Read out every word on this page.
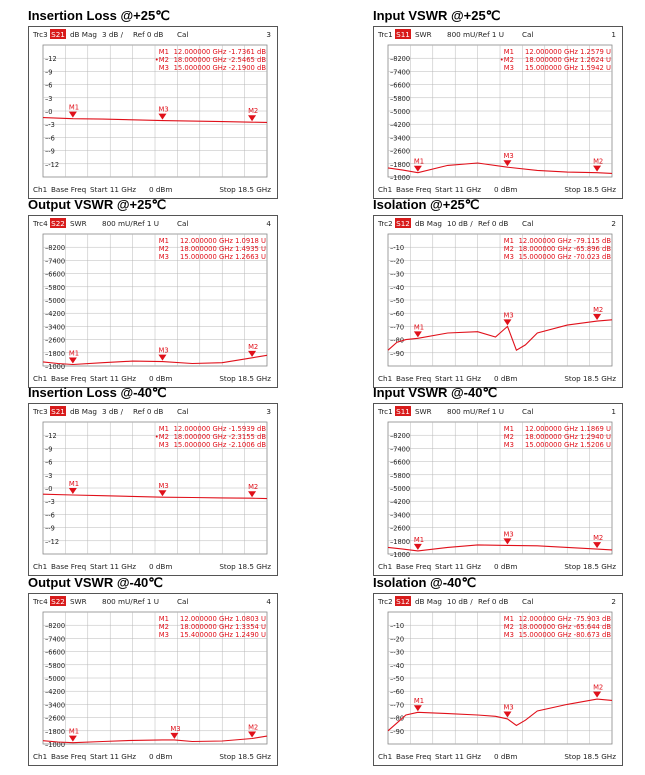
Insertion Loss @+25℃
Trc3 S21 dB Mag 3 dB / Ref 0 dB Cal	3
–12
–9
–6
–3
–0
–-3
–-6
–-9
–-12
M1	M2
M3
M1 12.000000 GHz -1.7361 dB
•M2 18.000000 GHz -2.5465 dB
M3 15.000000 GHz -2.1900 dB
Ch1 Base Freq Start 11 GHz 0 dBm	Stop 18.5 GHz
Input VSWR @+25℃
Trc1 S11 SWR 800 mU/ Ref 1 U Cal	1
–8200
–7400
–6600
–5800
–5000
–4200
–3400
–2600
–1800
–1000
M1	M2
M3
M1 12.000000 GHz 1.2579 U
•M2 18.000000 GHz 1.2624 U
M3 15.000000 GHz 1.5942 U
Ch1 Base Freq Start 11 GHz 0 dBm	Stop 18.5 GHz
Output VSWR @+25℃
Trc4 S22 SWR 800 mU/ Ref 1 U Cal	4
–8200
–7400
–6600
–5800
–5000
–4200
–3400
–2600
–1800
–1000
M1
M2
M3
M1 12.000000 GHz 1.0918 U
M2 18.000000 GHz 1.4935 U
M3 15.000000 GHz 1.2663 U
Ch1 Base Freq Start 11 GHz 0 dBm	Stop 18.5 GHz
Isolation @+25℃
Trc2 S12 dB Mag 10 dB / Ref 0 dB Cal	2
–-10
–-20
–-30
–-40
–-50
–-60
–-70
–-80
–-90
M1
M2
M3
M1 12.000000 GHz -79.115 dB
M2 18.000000 GHz -65.896 dB
M3 15.000000 GHz -70.023 dB
Ch1 Base Freq Start 11 GHz 0 dBm	Stop 18.5 GHz
Insertion Loss @-40℃
Trc3 S21 dB Mag 3 dB / Ref 0 dB Cal	3
–12
–9
–6
–3
–0
–-3
–-6
–-9
–-12
M1	M2
M3
M1 12.000000 GHz -1.5939 dB
•M2 18.000000 GHz -2.3155 dB
M3 15.000000 GHz -2.1006 dB
Ch1 Base Freq Start 11 GHz 0 dBm	Stop 18.5 GHz
Input VSWR @-40℃
Trc1 S11 SWR 800 mU/ Ref 1 U Cal	1
–8200
–7400
–6600
–5800
–5000
–4200
–3400
–2600
–1800
–1000
M1	M2
M3
M1 12.000000 GHz 1.1869 U
M2 18.000000 GHz 1.2940 U
M3 15.000000 GHz 1.5206 U
Ch1 Base Freq Start 11 GHz 0 dBm	Stop 18.5 GHz
Output VSWR @-40℃
Trc4 S22 SWR 800 mU/ Ref 1 U Cal	4
–8200
–7400
–6600
–5800
–5000
–4200
–3400
–2600
–1800
–1000
M1
M2
M3
M1 12.000000 GHz 1.0803 U
M2 18.000000 GHz 1.3354 U
M3 15.400000 GHz 1.2490 U
Ch1 Base Freq Start 11 GHz 0 dBm	Stop 18.5 GHz
Isolation @-40℃
Trc2 S12 dB Mag 10 dB / Ref 0 dB Cal	2
–-10
–-20
–-30
–-40
–-50
–-60
–-70
–-80
–-90
M1
M2
M3
M1 12.000000 GHz -75.903 dB
M2 18.000000 GHz -65.644 dB
M3 15.000000 GHz -80.673 dB
Ch1 Base Freq Start 11 GHz 0 dBm	Stop 18.5 GHz
